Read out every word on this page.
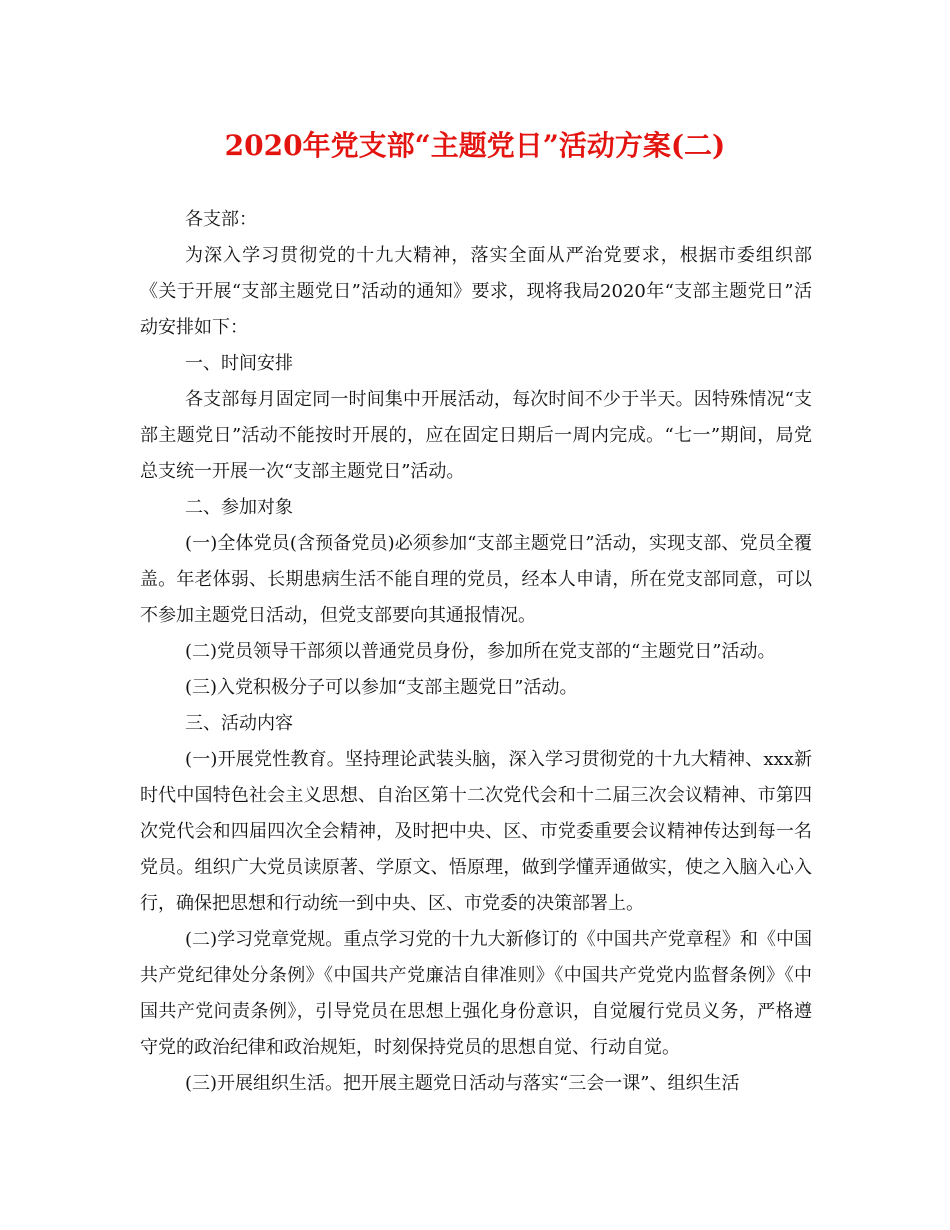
2020年党支部“主题党日”活动方案(二)

各支部：

为深入学习贯彻党的十九大精神，落实全面从严治党要求，根据市委组织部《关于开展“支部主题党日”活动的通知》要求，现将我局2020年“支部主题党日”活动安排如下：

一、时间安排

各支部每月固定同一时间集中开展活动，每次时间不少于半天。因特殊情况“支部主题党日”活动不能按时开展的，应在固定日期后一周内完成。“七一”期间，局党总支统一开展一次“支部主题党日”活动。

二、参加对象

(一)全体党员(含预备党员)必须参加“支部主题党日”活动，实现支部、党员全覆盖。年老体弱、长期患病生活不能自理的党员，经本人申请，所在党支部同意，可以不参加主题党日活动，但党支部要向其通报情况。

(二)党员领导干部须以普通党员身份，参加所在党支部的“主题党日”活动。

(三)入党积极分子可以参加“支部主题党日”活动。

三、活动内容

(一)开展党性教育。坚持理论武装头脑，深入学习贯彻党的十九大精神、xxx新时代中国特色社会主义思想、自治区第十二次党代会和十二届三次会议精神、市第四次党代会和四届四次全会精神，及时把中央、区、市党委重要会议精神传达到每一名党员。组织广大党员读原著、学原文、悟原理，做到学懂弄通做实，使之入脑入心入行，确保把思想和行动统一到中央、区、市党委的决策部署上。

(二)学习党章党规。重点学习党的十九大新修订的《中国共产党章程》和《中国共产党纪律处分条例》《中国共产党廉洁自律准则》《中国共产党党内监督条例》《中国共产党问责条例》，引导党员在思想上强化身份意识，自觉履行党员义务，严格遵守党的政治纪律和政治规矩，时刻保持党员的思想自觉、行动自觉。

(三)开展组织生活。把开展主题党日活动与落实“三会一课”、组织生活
